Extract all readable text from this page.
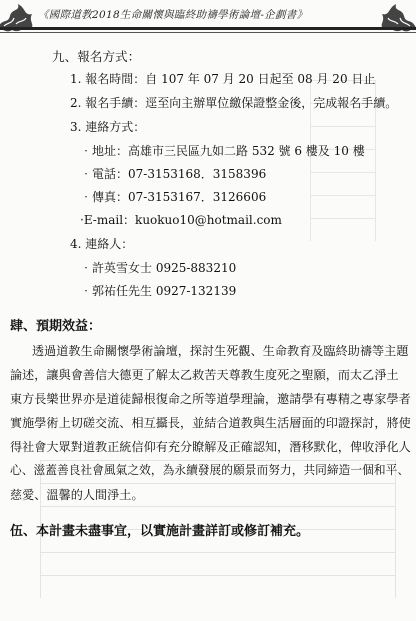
《國際道教2018生命關懷與臨終助禱學術論壇-企劃書》
九、報名方式：
1. 報名時間：自 107 年 07 月 20 日起至 08 月 20 日止
2. 報名手續：逕至向主辦單位繳保證整金後，完成報名手續。
3. 連絡方式：
‧地址：高雄市三民區九如二路 532 號 6 樓及 10 樓
‧電話：07-3153168．3158396
‧傳真：07-3153167．3126606
‧E-mail：kuokuo10@hotmail.com
4. 連絡人：
‧許英雪女士 0925-883210
‧郭祐任先生 0927-132139
肆、預期效益：
透過道教生命關懷學術論壇，探討生死觀、生命教育及臨終助禱等主題
論述，讓與會善信大德更了解太乙救苦天尊教生度死之聖願，而太乙淨土
東方長樂世界亦是道徒歸根復命之所等道學理論，邀請學有專精之專家學者
實施學術上切磋交流、相互攝長，並結合道教與生活層面的印證探討，將使
得社會大眾對道教正統信仰有充分瞭解及正確認知，潛移默化，俾收淨化人
心、滋蓋善良社會風氣之效，為永續發展的願景而努力，共同締造一個和平、
慈愛、溫馨的人間淨土。
伍、本計畫未盡事宜，以實施計畫詳訂或修訂補充。
